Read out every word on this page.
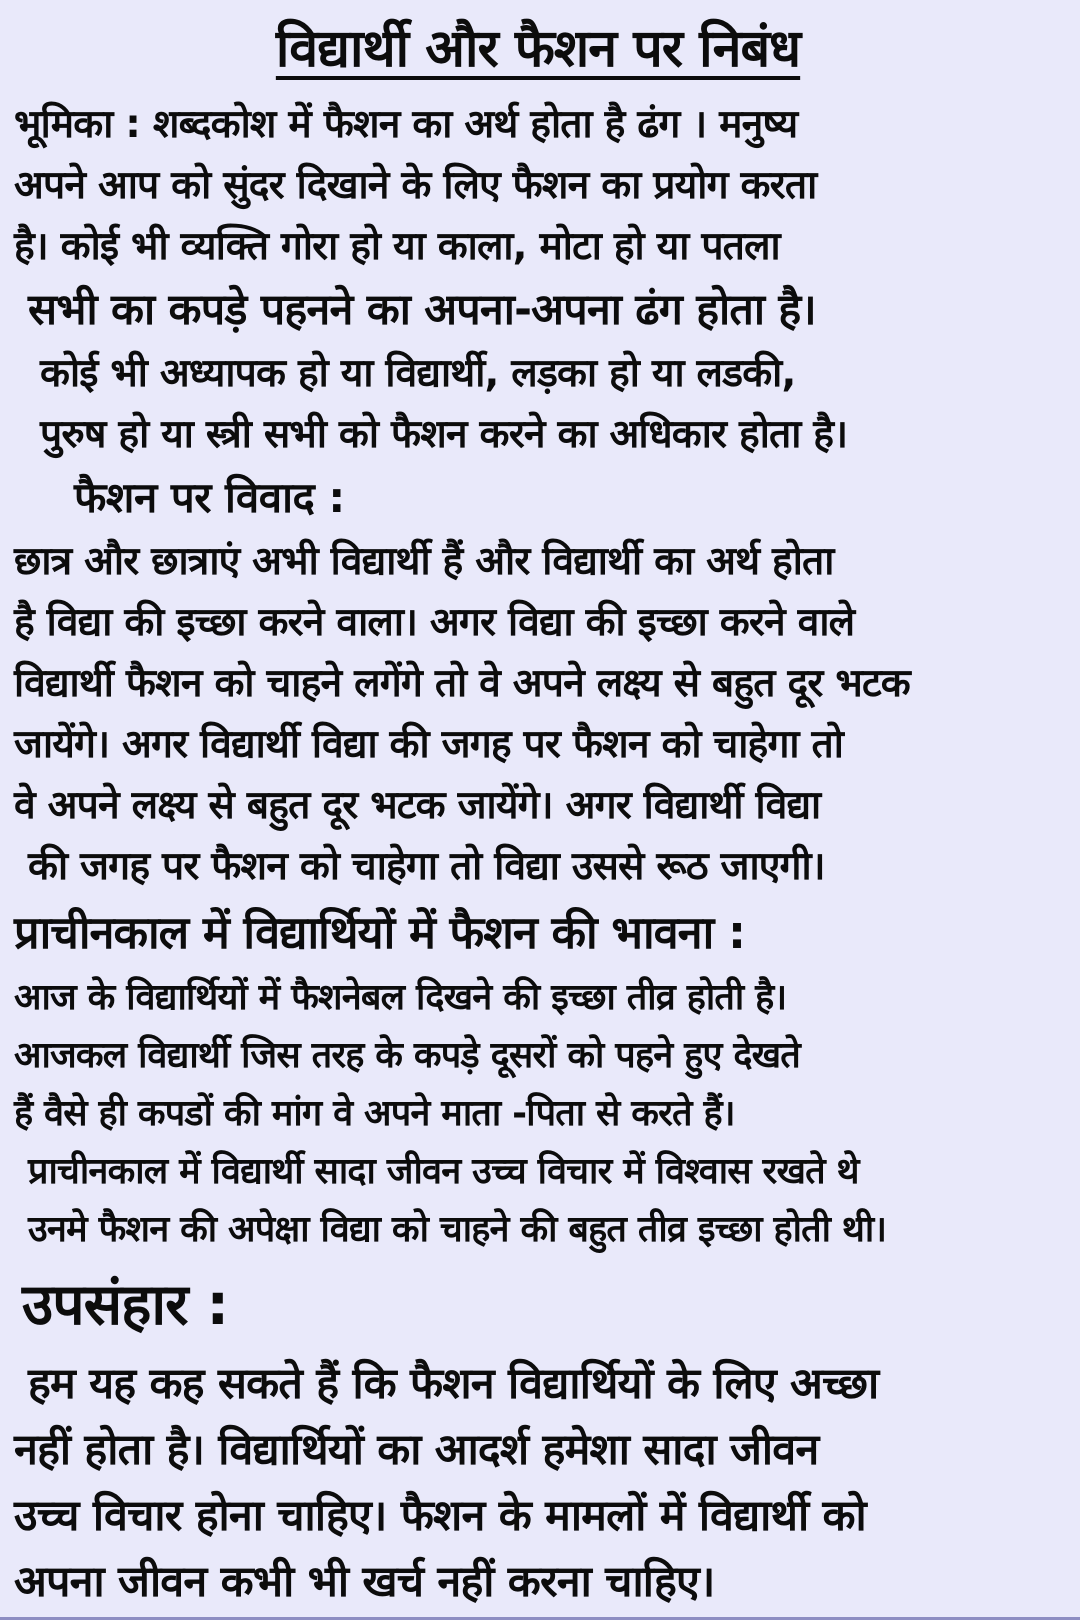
विद्यार्थी और फैशन पर निबंध
भूमिका : शब्दकोश में फैशन का अर्थ होता है ढंग । मनुष्य
अपने आप को सुंदर दिखाने के लिए फैशन का प्रयोग करता
है। कोई भी व्यक्ति गोरा हो या काला, मोटा हो या पतला
सभी का कपड़े पहनने का अपना-अपना ढंग होता है।
कोई भी अध्यापक हो या विद्यार्थी, लड़का हो या लडकी,
पुरुष हो या स्त्री सभी को फैशन करने का अधिकार होता है।
फैशन पर विवाद :
छात्र और छात्राएं अभी विद्यार्थी हैं और विद्यार्थी का अर्थ होता
है विद्या की इच्छा करने वाला। अगर विद्या की इच्छा करने वाले
विद्यार्थी फैशन को चाहने लगेंगे तो वे अपने लक्ष्य से बहुत दूर भटक
जायेंगे। अगर विद्यार्थी विद्या की जगह पर फैशन को चाहेगा तो
वे अपने लक्ष्य से बहुत दूर भटक जायेंगे। अगर विद्यार्थी विद्या
की जगह पर फैशन को चाहेगा तो विद्या उससे रूठ जाएगी।
प्राचीनकाल में विद्यार्थियों में फैशन की भावना :
आज के विद्यार्थियों में फैशनेबल दिखने की इच्छा तीव्र होती है।
आजकल विद्यार्थी जिस तरह के कपड़े दूसरों को पहने हुए देखते
हैं वैसे ही कपडों की मांग वे अपने माता -पिता से करते हैं।
प्राचीनकाल में विद्यार्थी सादा जीवन उच्च विचार में विश्वास रखते थे
उनमे फैशन की अपेक्षा विद्या को चाहने की बहुत तीव्र इच्छा होती थी।
उपसंहार :
हम यह कह सकते हैं कि फैशन विद्यार्थियों के लिए अच्छा
नहीं होता है। विद्यार्थियों का आदर्श हमेशा सादा जीवन
उच्च विचार होना चाहिए। फैशन के मामलों में विद्यार्थी को
अपना जीवन कभी भी खर्च नहीं करना चाहिए।
